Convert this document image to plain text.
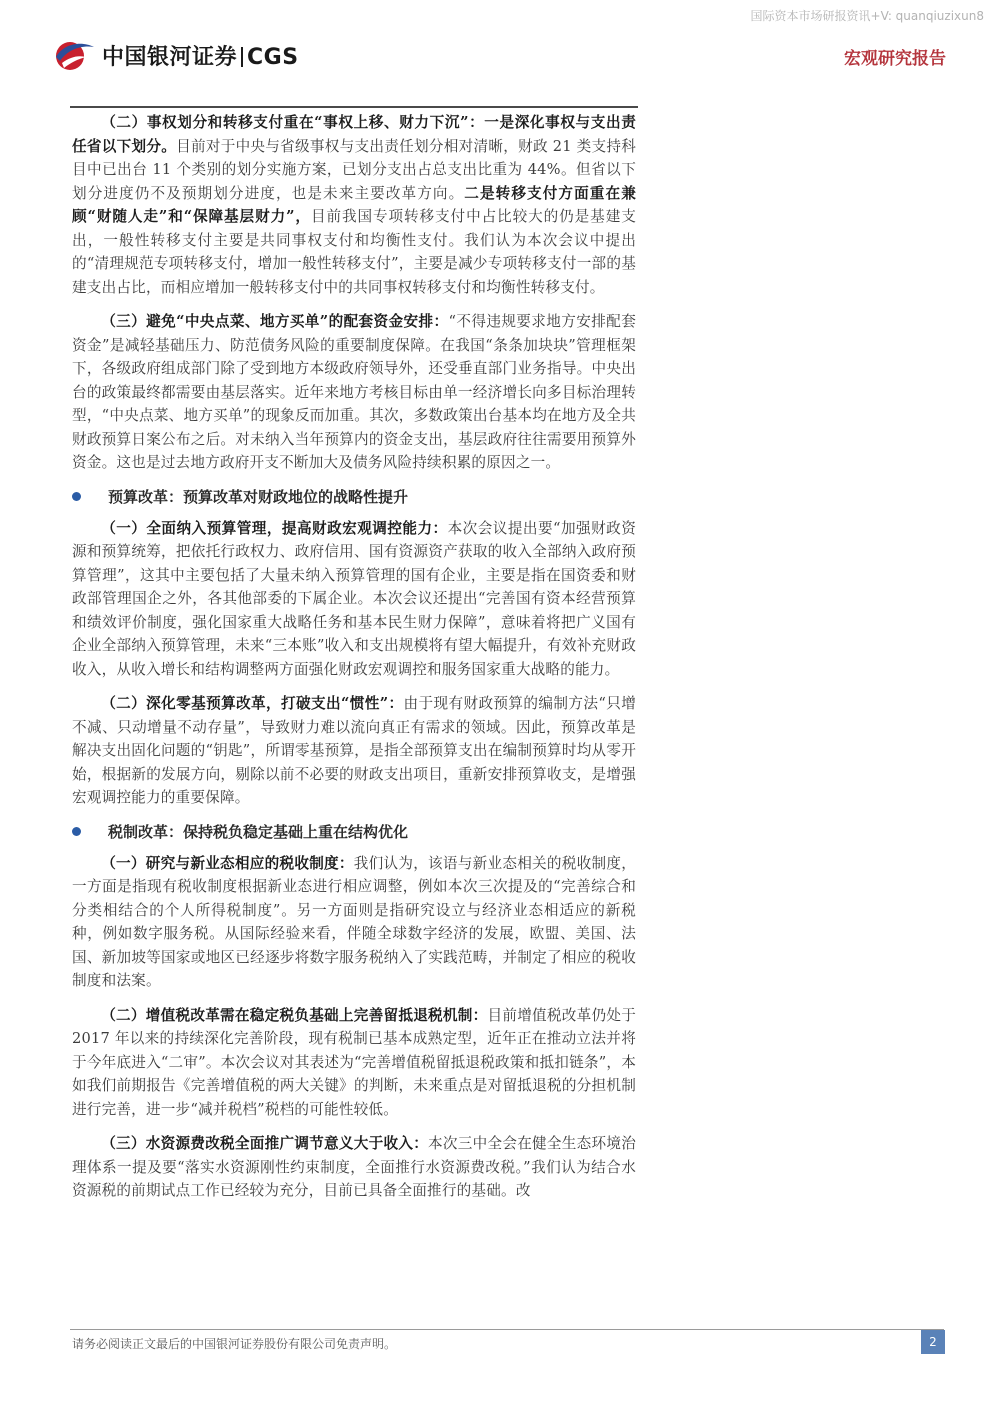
国际资本市场研报资讯+V: quanqiuzixun8
中国银河证券 CGS	宏观研究报告

（二）事权划分和转移支付重在“事权上移、财力下沉”：一是深化事权与支出责任省以下划分。目前对于中央与省级事权与支出责任划分相对清晰，财政 21 类支持科目中已出台 11 个类别的划分实施方案，已划分支出占总支出比重为 44%。但省以下划分进度仍不及预期划分进度，也是未来主要改革方向。二是转移支付方面重在兼顾“财随人走”和“保障基层财力”，目前我国专项转移支付中占比较大的仍是基建支出，一般性转移支付主要是共同事权支付和均衡性支付。我们认为本次会议中提出的“清理规范专项转移支付，增加一般性转移支付”，主要是减少专项转移支付一部的基建支出占比，而相应增加一般转移支付中的共同事权转移支付和均衡性转移支付。

（三）避免“中央点菜、地方买单”的配套资金安排：“不得违规要求地方安排配套资金”是减轻基础压力、防范债务风险的重要制度保障。在我国“条条加块块”管理框架下，各级政府组成部门除了受到地方本级政府领导外，还受垂直部门业务指导。中央出台的政策最终都需要由基层落实。近年来地方考核目标由单一经济增长向多目标治理转型，“中央点菜、地方买单”的现象反而加重。其次，多数政策出台基本均在地方及全共财政预算日案公布之后。对未纳入当年预算内的资金支出，基层政府往往需要用预算外资金。这也是过去地方政府开支不断加大及债务风险持续积累的原因之一。

预算改革：预算改革对财政地位的战略性提升

（一）全面纳入预算管理，提高财政宏观调控能力：本次会议提出要“加强财政资源和预算统筹，把依托行政权力、政府信用、国有资源资产获取的收入全部纳入政府预算管理”，这其中主要包括了大量未纳入预算管理的国有企业，主要是指在国资委和财政部管理国企之外，各其他部委的下属企业。本次会议还提出“完善国有资本经营预算和绩效评价制度，强化国家重大战略任务和基本民生财力保障”，意味着将把广义国有企业全部纳入预算管理，未来“三本账”收入和支出规模将有望大幅提升，有效补充财政收入，从收入增长和结构调整两方面强化财政宏观调控和服务国家重大战略的能力。

（二）深化零基预算改革，打破支出“惯性”：由于现有财政预算的编制方法“只增不减、只动增量不动存量”，导致财力难以流向真正有需求的领域。因此，预算改革是解决支出固化问题的“钥匙”，所谓零基预算，是指全部预算支出在编制预算时均从零开始，根据新的发展方向，剔除以前不必要的财政支出项目，重新安排预算收支，是增强宏观调控能力的重要保障。

税制改革：保持税负稳定基础上重在结构优化

（一）研究与新业态相应的税收制度：我们认为，该语与新业态相关的税收制度，一方面是指现有税收制度根据新业态进行相应调整，例如本次三次提及的“完善综合和分类相结合的个人所得税制度”。另一方面则是指研究设立与经济业态相适应的新税种，例如数字服务税。从国际经验来看，伴随全球数字经济的发展，欧盟、美国、法国、新加坡等国家或地区已经逐步将数字服务税纳入了实践范畴，并制定了相应的税收制度和法案。

（二）增值税改革需在稳定税负基础上完善留抵退税机制：目前增值税改革仍处于 2017 年以来的持续深化完善阶段，现有税制已基本成熟定型，近年正在推动立法并将于今年底进入“二审”。本次会议对其表述为“完善增值税留抵退税政策和抵扣链条”，本如我们前期报告《完善增值税的两大关键》的判断，未来重点是对留抵退税的分担机制进行完善，进一步“减并税档”税档的可能性较低。

（三）水资源费改税全面推广调节意义大于收入：本次三中全会在健全生态环境治理体系一提及要“落实水资源刚性约束制度，全面推行水资源费改税。”我们认为结合水资源税的前期试点工作已经较为充分，目前已具备全面推行的基础。改

请务必阅读正文最后的中国银河证券股份有限公司免责声明。	2
